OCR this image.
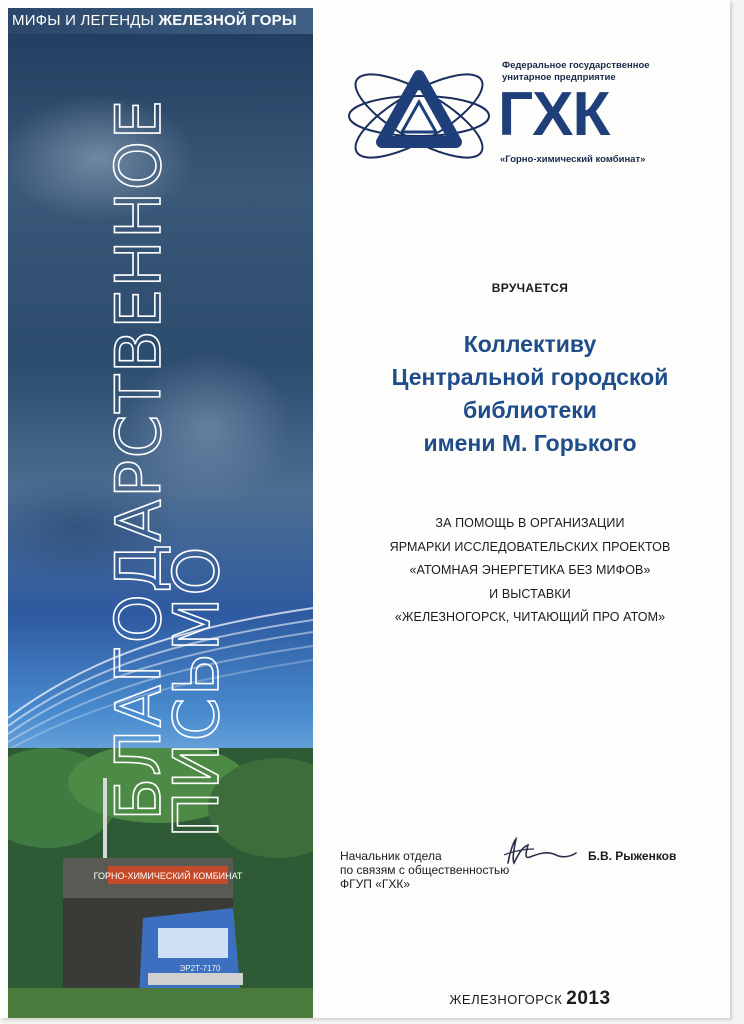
МИФЫ И ЛЕГЕНДЫ ЖЕЛЕЗНОЙ ГОРЫ
ГОРНО-ХИМИЧЕСКИЙ КОМБИНАТ
ЭР2Т-7170
БЛАГОДАРСТВЕННОЕ
ПИСЬМО
Федеральное государственное
унитарное предприятие
ГХК
«Горно-химический комбинат»
ВРУЧАЕТСЯ
Коллективу
Центральной городской
библиотеки
имени М. Горького
ЗА ПОМОЩЬ В ОРГАНИЗАЦИИ
ЯРМАРКИ ИССЛЕДОВАТЕЛЬСКИХ ПРОЕКТОВ
«АТОМНАЯ ЭНЕРГЕТИКА БЕЗ МИФОВ»
И ВЫСТАВКИ
«ЖЕЛЕЗНОГОРСК, ЧИТАЮЩИЙ ПРО АТОМ»
Начальник отдела
по связям с общественностью
ФГУП «ГХК»
Б.В. Рыженков
ЖЕЛЕЗНОГОРСК 2013
